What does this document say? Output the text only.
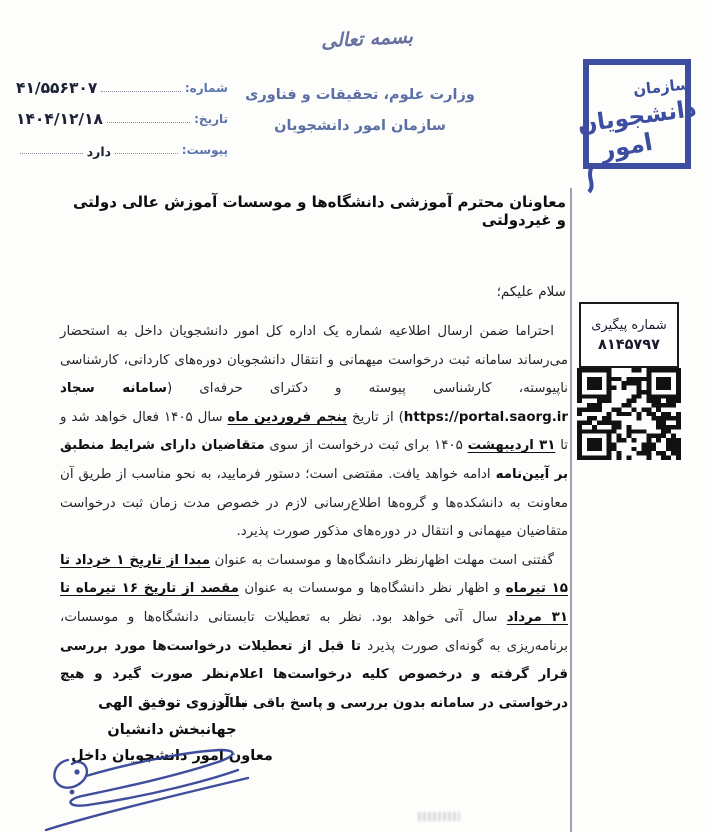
بسمه تعالی
شماره:
۴۱/۵۵۶۳۰۷
تاریخ:
۱۴۰۴/۱۲/۱۸
پیوست:
دارد
وزارت علوم، تحقیقات و فناوری
سازمان امور دانشجویان
سازمان
دانشجویان
امور
شماره پیگیری
۸۱۴۵۷۹۷
معاونان محترم آموزشی دانشگاه‌ها و موسسات آموزش عالی دولتی و غیردولتی
سلام علیکم؛

احتراما ضمن ارسال اطلاعیه شماره یک اداره کل امور دانشجویان داخل به استحضار می‌رساند سامانه ثبت درخواست میهمانی و انتقال دانشجویان دوره‌های کاردانی، کارشناسی ناپیوسته، کارشناسی پیوسته و دکترای حرفه‌ای (سامانه سجاد https://portal.saorg.ir) از تاریخ پنجم فروردین ماه سال ۱۴۰۵ فعال خواهد شد و تا ۳۱ اردیبهشت ۱۴۰۵ برای ثبت درخواست از سوی متقاضیان دارای شرایط منطبق بر آیین‌نامه ادامه خواهد یافت. مقتضی است؛ دستور فرمایید، به نحو مناسب از طریق آن معاونت به دانشکده‌ها و گروه‌ها اطلاع‌رسانی لازم در خصوص مدت زمان ثبت درخواست متقاضیان میهمانی و انتقال در دوره‌های مذکور صورت پذیرد.

گفتنی است مهلت اظهارنظر دانشگاه‌ها و موسسات به عنوان مبدا از تاریخ ۱ خرداد تا ۱۵ تیرماه و اظهار نظر دانشگاه‌ها و موسسات به عنوان مقصد از تاریخ ۱۶ تیرماه تا ۳۱ مرداد سال آتی خواهد بود. نظر به تعطیلات تابستانی دانشگاه‌ها و موسسات، برنامه‌ریزی به گونه‌ای صورت پذیرد تا قبل از تعطیلات درخواست‌ها مورد بررسی قرار گرفته و درخصوص کلیه درخواست‌ها اعلام‌نظر صورت گیرد و هیچ درخواستی در سامانه بدون بررسی و پاسخ باقی نماند.

با آرزوی توفیق الهی
جهانبخش دانشیان
معاون امور دانشجویان داخل
